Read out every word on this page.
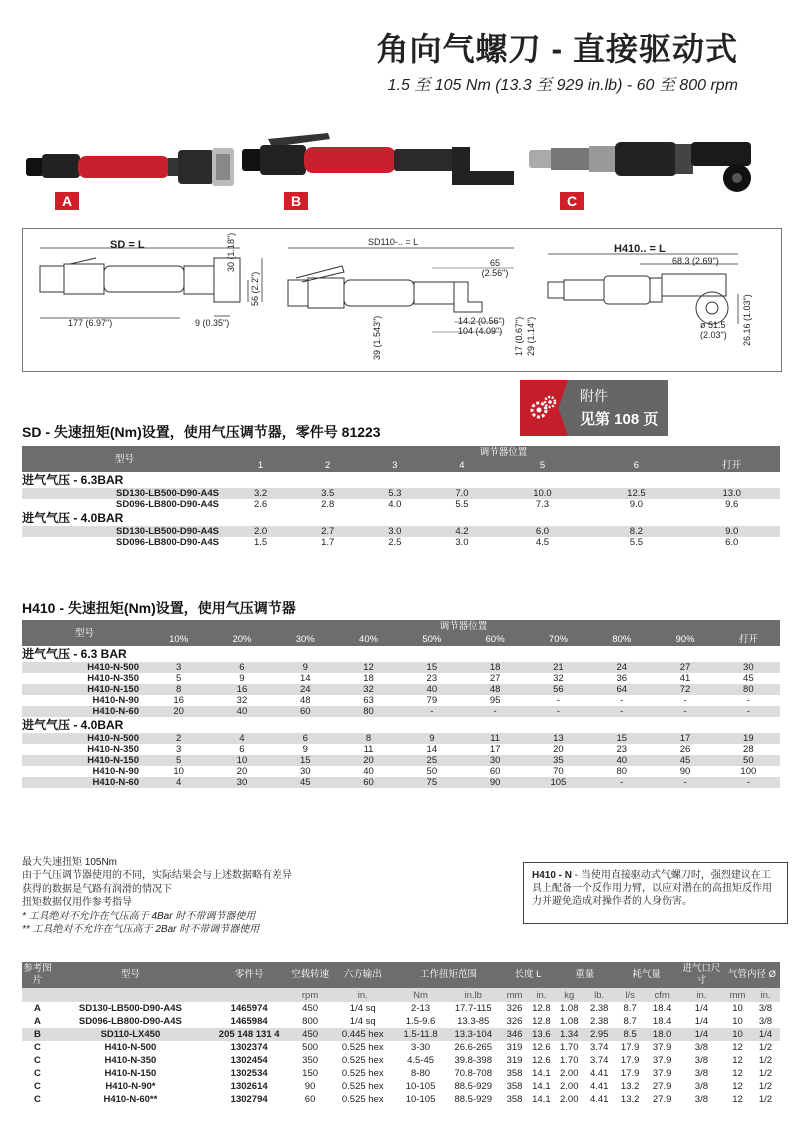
角向气螺刀 - 直接驱动式
1.5 至 105 Nm (13.3 至 929 in.lb) - 60 至 800 rpm
A	B	C
SD = L
177 (6.97")	9 (0.35")
30 (1.18")
56 (2.2")
SD110-.. = L
65 (2.56")
14.2 (0.56")
104 (4.09")
39 (1.543")	17 (0.67") 29 (1.14")
H410.. = L
68.3 (2.69")
ø 51.5 (2.03")	26.16 (1.03")
附件
见第 108 页
SD - 失速扭矩(Nm)设置，使用气压调节器，零件号 81223
型号	调节器位置						
	1	2	3	4	5	6	打开
进气气压 - 6.3BAR							
SD130-LB500-D90-A4S	3.2	3.5	5.3	7.0	10.0	12.5	13.0
SD096-LB800-D90-A4S	2.6	2.8	4.0	5.5	7.3	9.0	9.6
进气气压 - 4.0BAR							
SD130-LB500-D90-A4S	2.0	2.7	3.0	4.2	6.0	8.2	9.0
SD096-LB800-D90-A4S	1.5	1.7	2.5	3.0	4.5	5.5	6.0
H410 - 失速扭矩(Nm)设置，使用气压调节器
型号	调节器位置									
	10%	20%	30%	40%	50%	60%	70%	80%	90%	打开
进气气压 - 6.3 BAR										
H410-N-500	3	6	9	12	15	18	21	24	27	30
H410-N-350	5	9	14	18	23	27	32	36	41	45
H410-N-150	8	16	24	32	40	48	56	64	72	80
H410-N-90	16	32	48	63	79	95	-	-	-	-
H410-N-60	20	40	60	80	-	-	-	-	-	-
进气气压 - 4.0BAR										
H410-N-500	2	4	6	8	9	11	13	15	17	19
H410-N-350	3	6	9	11	14	17	20	23	26	28
H410-N-150	5	10	15	20	25	30	35	40	45	50
H410-N-90	10	20	30	40	50	60	70	80	90	100
H410-N-60	4	30	45	60	75	90	105	-	-	-
最大失速扭矩 105Nm
由于气压调节器使用的不同，实际结果会与上述数据略有差异
获得的数据是气路有润滑的情况下
扭矩数据仅用作参考指导
* 工具绝对不允许在气压高于 4Bar 时不带调节器使用
** 工具绝对不允许在气压高于 2Bar 时不带调节器使用
H410 - N - 当使用直接驱动式气螺刀时，强烈建议在工具上配备一个反作用力臂，以应对潜在的高扭矩反作用力并避免造成对操作者的人身伤害。
参考图片	型号	零件号	空载转速	六方输出	工作扭矩范围		长度 L		重量		耗气量		进气口尺寸	气管内径 Ø	
			rpm	in.	Nm	in.lb	mm	in.	kg	lb.	l/s	cfm	in.	mm	in.
A	SD130-LB500-D90-A4S	1465974	450	1/4 sq	2-13	17.7-115	326	12.8	1.08	2.38	8.7	18.4	1/4	10	3/8
A	SD096-LB800-D90-A4S	1465984	800	1/4 sq	1.5-9.6	13.3-85	326	12.8	1.08	2.38	8.7	18.4	1/4	10	3/8
B	SD110-LX450	205 148 131 4	450	0.445 hex	1.5-11.8	13.3-104	346	13.6	1.34	2.95	8.5	18.0	1/4	10	1/4
C	H410-N-500	1302374	500	0.525 hex	3-30	26.6-265	319	12.6	1.70	3.74	17.9	37.9	3/8	12	1/2
C	H410-N-350	1302454	350	0.525 hex	4.5-45	39.8-398	319	12.6	1.70	3.74	17.9	37.9	3/8	12	1/2
C	H410-N-150	1302534	150	0.525 hex	8-80	70.8-708	358	14.1	2.00	4.41	17.9	37.9	3/8	12	1/2
C	H410-N-90*	1302614	90	0.525 hex	10-105	88.5-929	358	14.1	2.00	4.41	13.2	27.9	3/8	12	1/2
C	H410-N-60**	1302794	60	0.525 hex	10-105	88.5-929	358	14.1	2.00	4.41	13.2	27.9	3/8	12	1/2
